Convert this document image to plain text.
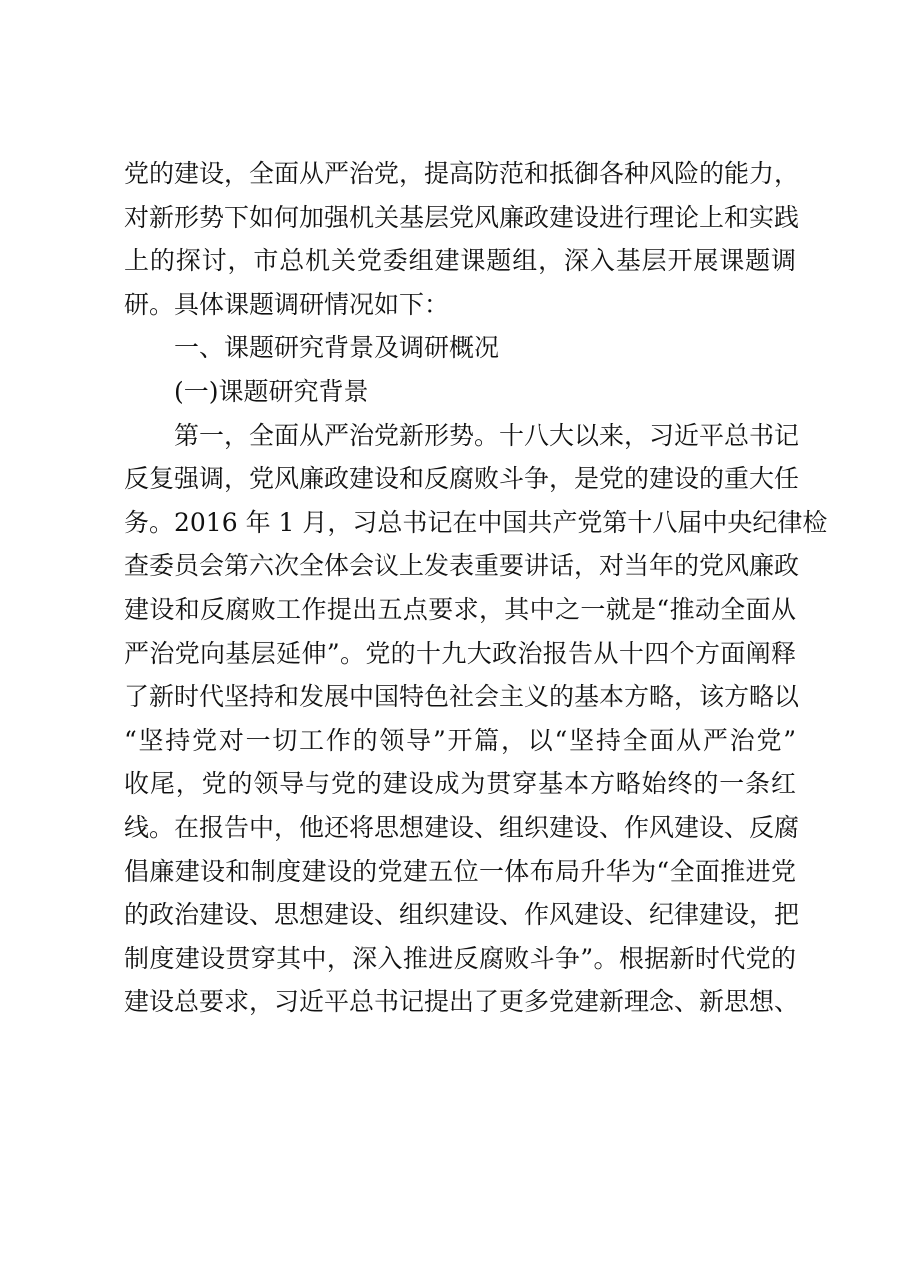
党的建设，全面从严治党，提高防范和抵御各种风险的能力，
对新形势下如何加强机关基层党风廉政建设进行理论上和实践
上的探讨，市总机关党委组建课题组，深入基层开展课题调
研。具体课题调研情况如下：
一、课题研究背景及调研概况
(一)课题研究背景
第一，全面从严治党新形势。十八大以来，习近平总书记
反复强调，党风廉政建设和反腐败斗争，是党的建设的重大任
务。2016 年 1 月，习总书记在中国共产党第十八届中央纪律检
查委员会第六次全体会议上发表重要讲话，对当年的党风廉政
建设和反腐败工作提出五点要求，其中之一就是“推动全面从
严治党向基层延伸”。党的十九大政治报告从十四个方面阐释
了新时代坚持和发展中国特色社会主义的基本方略，该方略以
“坚持党对一切工作的领导”开篇，以“坚持全面从严治党”
收尾，党的领导与党的建设成为贯穿基本方略始终的一条红
线。在报告中，他还将思想建设、组织建设、作风建设、反腐
倡廉建设和制度建设的党建五位一体布局升华为“全面推进党
的政治建设、思想建设、组织建设、作风建设、纪律建设，把
制度建设贯穿其中，深入推进反腐败斗争”。根据新时代党的
建设总要求，习近平总书记提出了更多党建新理念、新思想、
